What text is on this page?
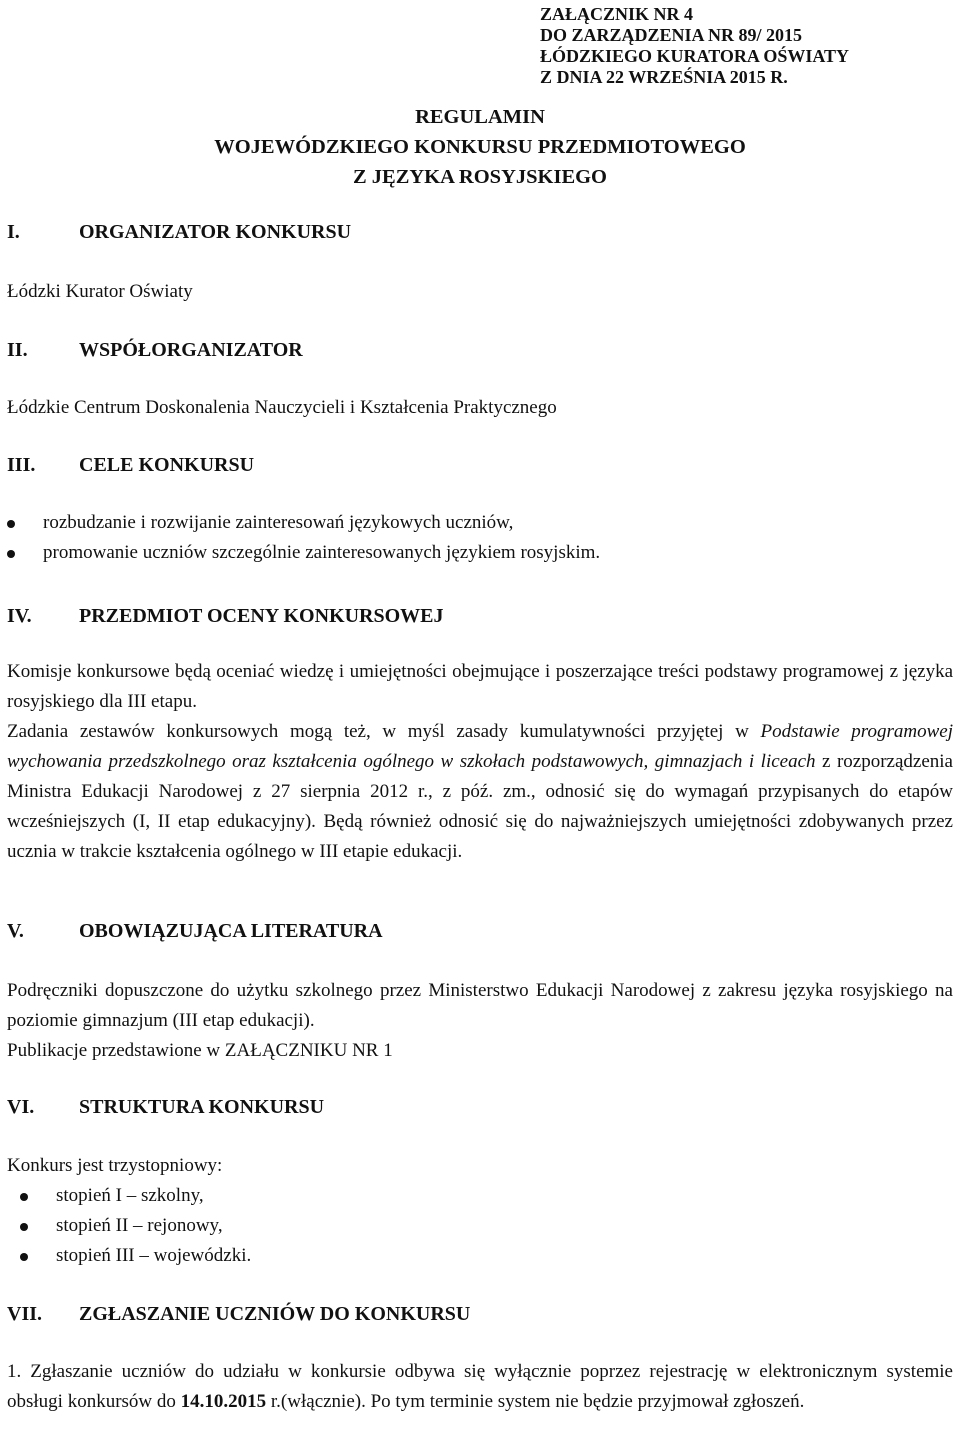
ZAŁĄCZNIK NR 4
DO ZARZĄDZENIA NR 89/ 2015
ŁÓDZKIEGO KURATORA OŚWIATY
Z DNIA 22 WRZEŚNIA 2015 R.
REGULAMIN
WOJEWÓDZKIEGO KONKURSU PRZEDMIOTOWEGO
Z JĘZYKA ROSYJSKIEGO
I.	ORGANIZATOR KONKURSU

Łódzki Kurator Oświaty

II.	WSPÓŁORGANIZATOR

Łódzkie Centrum Doskonalenia Nauczycieli i Kształcenia Praktycznego

III. CELE KONKURSU
rozbudzanie i rozwijanie zainteresowań językowych uczniów,
promowanie uczniów szczególnie zainteresowanych językiem rosyjskim.
IV. PRZEDMIOT OCENY KONKURSOWEJ

Komisje konkursowe będą oceniać wiedzę i umiejętności obejmujące i poszerzające treści podstawy programowej z języka rosyjskiego dla III etapu.

Zadania zestawów konkursowych mogą też, w myśl zasady kumulatywności przyjętej w Podstawie programowej wychowania przedszkolnego oraz kształcenia ogólnego w szkołach podstawowych, gimnazjach i liceach z rozporządzenia Ministra Edukacji Narodowej z 27 sierpnia 2012 r., z póź. zm., odnosić się do wymagań przypisanych do etapów wcześniejszych (I, II etap edukacyjny). Będą również odnosić się do najważniejszych umiejętności zdobywanych przez ucznia w trakcie kształcenia ogólnego w III etapie edukacji.

V.	OBOWIĄZUJĄCA LITERATURA

Podręczniki dopuszczone do użytku szkolnego przez Ministerstwo Edukacji Narodowej z zakresu języka rosyjskiego na poziomie gimnazjum (III etap edukacji).

Publikacje przedstawione w ZAŁĄCZNIKU NR 1

VI. STRUKTURA KONKURSU

Konkurs jest trzystopniowy:

stopień I – szkolny,
stopień II – rejonowy,
stopień III – wojewódzki.
VII. ZGŁASZANIE UCZNIÓW DO KONKURSU

1. Zgłaszanie uczniów do udziału w konkursie odbywa się wyłącznie poprzez rejestrację w elektronicznym systemie obsługi konkursów do 14.10.2015 r.(włącznie). Po tym terminie system nie będzie przyjmował zgłoszeń.
